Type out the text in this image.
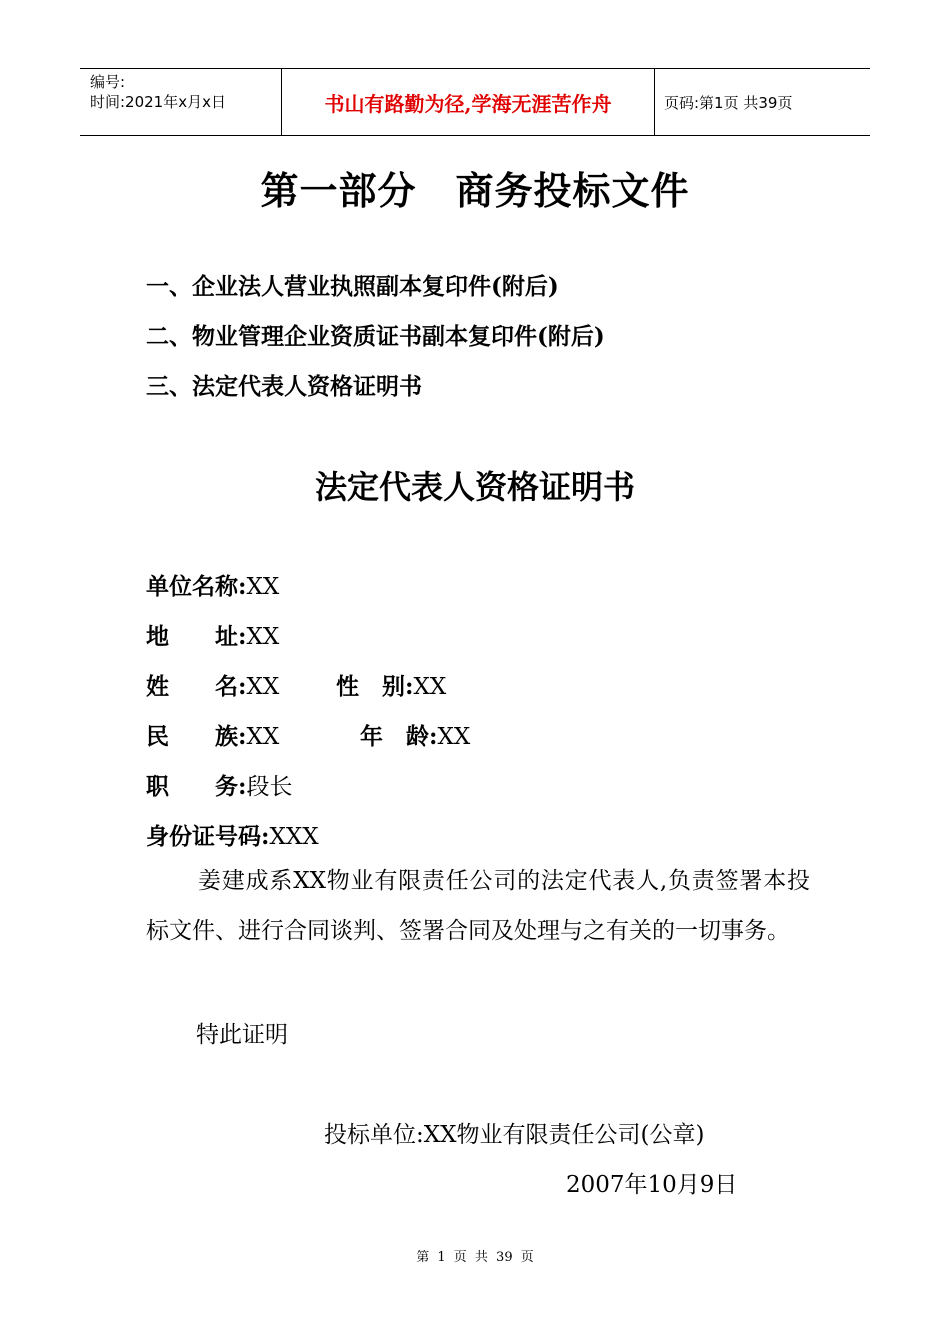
编号:
时间:2021年x月x日	书山有路勤为径,学海无涯苦作舟	页码:第1页 共39页
第一部分　商务投标文件
一、企业法人营业执照副本复印件(附后)
二、物业管理企业资质证书副本复印件(附后)
三、法定代表人资格证明书
法定代表人资格证明书
单位名称:XX
地　　址:XX
姓　　名:XX 性　别:XX
民　　族:XX	年　龄:XX
职　　务:段长
身份证号码:XXX
姜建成系XX物业有限责任公司的法定代表人,负责签署本投标文件、进行合同谈判、签署合同及处理与之有关的一切事务。
特此证明
投标单位:XX物业有限责任公司(公章)
2007年10月9日
第 1 页 共 39 页
